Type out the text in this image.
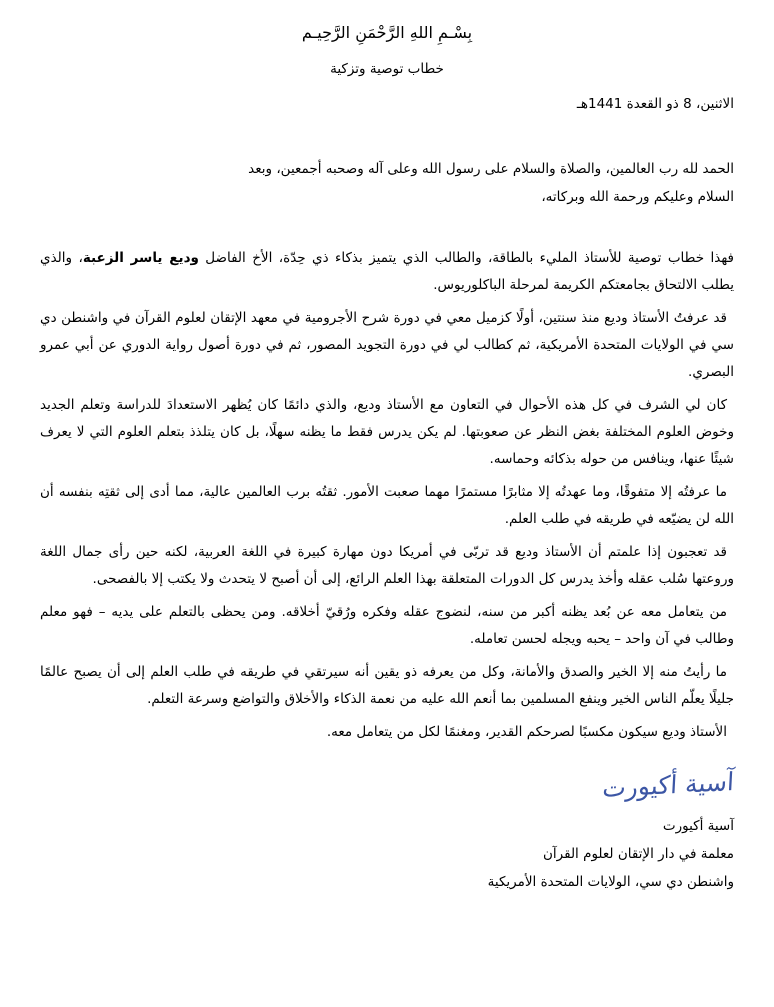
بِسْـمِ اللهِ الرَّحْمَنِ الرَّحِيـم
خطاب توصية وتزكية
الاثنين، 8 ذو القعدة 1441هـ

الحمد لله رب العالمين، والصلاة والسلام على رسول الله وعلى آله وصحبه أجمعين، وبعد

السلام وعليكم ورحمة الله وبركاته،

فهذا خطاب توصية للأستاذ المليء بالطاقة، والطالب الذي يتميز بذكاء ذي حِدّة، الأخ الفاضل وديع ياسر الزعبة، والذي يطلب الالتحاق بجامعتكم الكريمة لمرحلة الباكلوريوس.

قد عرفتُ الأستاذ وديع منذ سنتين، أولًا كزميل معي في دورة شرح الأجرومية في معهد الإتقان لعلوم القرآن في واشنطن دي سي في الولايات المتحدة الأمريكية، ثم كطالب لي في دورة التجويد المصور، ثم في دورة أصول رواية الدوري عن أبي عمرو البصري.

كان لي الشرف في كل هذه الأحوال في التعاون مع الأستاذ وديع، والذي دائمًا كان يُظهر الاستعدادَ للدراسة وتعلم الجديد وخوض العلوم المختلفة بغض النظر عن صعوبتها. لم يكن يدرس فقط ما يظنه سهلًا، بل كان يتلذذ بتعلم العلوم التي لا يعرف شيئًا عنها، وينافس من حوله بذكائه وحماسه.

ما عرفتُه إلا متفوقًا، وما عهدتُه إلا مثابرًا مستمرًا مهما صعبت الأمور. ثقتُه برب العالمين عالية، مما أدى إلى ثقتِه بنفسه أن الله لن يضيّعه في طريقه في طلب العلم.

قد تعجبون إذا علمتم أن الأستاذ وديع قد تربّى في أمريكا دون مهارة كبيرة في اللغة العربية، لكنه حين رأى جمال اللغة وروعتها سُلب عقله وأخذ يدرس كل الدورات المتعلقة بهذا العلم الرائع، إلى أن أصبح لا يتحدث ولا يكتب إلا بالفصحى.

من يتعامل معه عن بُعد يظنه أكبر من سنه، لنضوج عقله وفكره ورُقيّ أخلاقه. ومن يحظى بالتعلم على يديه – فهو معلم وطالب في آن واحد – يحبه ويجله لحسن تعامله.

ما رأيتُ منه إلا الخير والصدق والأمانة، وكل من يعرفه ذو يقين أنه سيرتقي في طريقه في طلب العلم إلى أن يصبح عالمًا جليلًا يعلّم الناس الخير وينفع المسلمين بما أنعم الله عليه من نعمة الذكاء والأخلاق والتواضع وسرعة التعلم.

الأستاذ وديع سيكون مكسبًا لصرحكم القدير، ومغنمًا لكل من يتعامل معه.

آسية أكيورت
آسية أكيورت
معلمة في دار الإتقان لعلوم القرآن
واشنطن دي سي، الولايات المتحدة الأمريكية
